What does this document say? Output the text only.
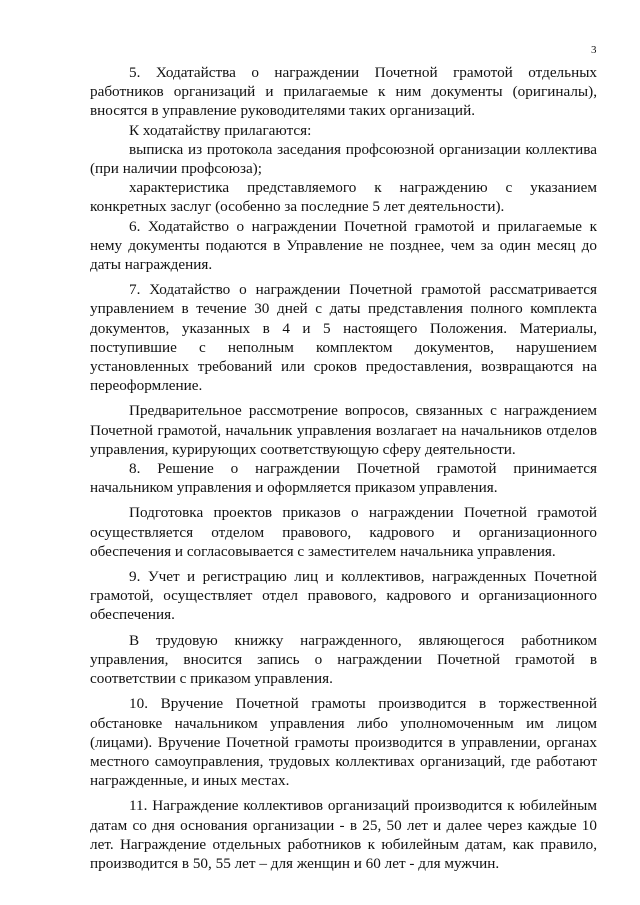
3

5. Ходатайства о награждении Почетной грамотой отдельных работников организаций и прилагаемые к ним документы (оригиналы), вносятся в управление руководителями таких организаций.

К ходатайству прилагаются:

выписка из протокола заседания профсоюзной организации коллектива (при наличии профсоюза);

характеристика представляемого к награждению с указанием конкретных заслуг (особенно за последние 5 лет деятельности).

6. Ходатайство о награждении Почетной грамотой и прилагаемые к нему документы подаются в Управление не позднее, чем за один месяц до даты награждения.

7. Ходатайство о награждении Почетной грамотой рассматривается управлением в течение 30 дней с даты представления полного комплекта документов, указанных в 4 и 5 настоящего Положения. Материалы, поступившие с неполным комплектом документов, нарушением установленных требований или сроков предоставления, возвращаются на переоформление.

Предварительное рассмотрение вопросов, связанных с награждением Почетной грамотой, начальник управления возлагает на начальников отделов управления, курирующих соответствующую сферу деятельности.

8. Решение о награждении Почетной грамотой принимается начальником управления и оформляется приказом управления.

Подготовка проектов приказов о награждении Почетной грамотой осуществляется отделом правового, кадрового и организационного обеспечения и согласовывается с заместителем начальника управления.

9. Учет и регистрацию лиц и коллективов, награжденных Почетной грамотой, осуществляет отдел правового, кадрового и организационного обеспечения.

В трудовую книжку награжденного, являющегося работником управления, вносится запись о награждении Почетной грамотой в соответствии с приказом управления.

10. Вручение Почетной грамоты производится в торжественной обстановке начальником управления либо уполномоченным им лицом (лицами). Вручение Почетной грамоты производится в управлении, органах местного самоуправления, трудовых коллективах организаций, где работают награжденные, и иных местах.

11. Награждение коллективов организаций производится к юбилейным датам со дня основания организации - в 25, 50 лет и далее через каждые 10 лет. Награждение отдельных работников к юбилейным датам, как правило, производится в 50, 55 лет – для женщин и 60 лет - для мужчин.
